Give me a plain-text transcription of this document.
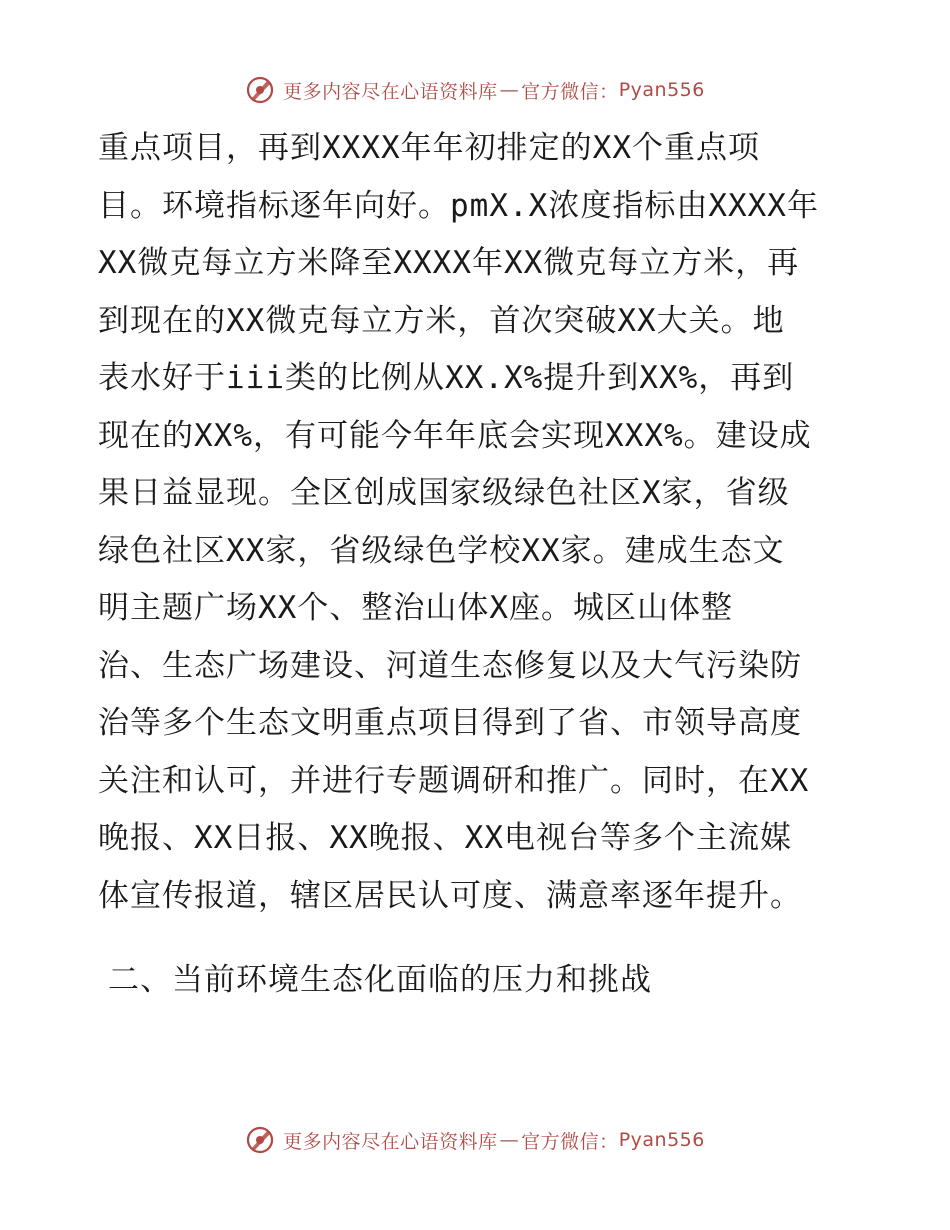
更多内容尽在心语资料库 — 官方微信： Pyan556
重点项目，再到XXXX年年初排定的XX个重点项
目。环境指标逐年向好。pmX.X浓度指标由XXXX年
XX微克每立方米降至XXXX年XX微克每立方米，再
到现在的XX微克每立方米，首次突破XX大关。地
表水好于iii类的比例从XX.X%提升到XX%，再到
现在的XX%，有可能今年年底会实现XXX%。建设成
果日益显现。全区创成国家级绿色社区X家，省级
绿色社区XX家，省级绿色学校XX家。建成生态文
明主题广场XX个、整治山体X座。城区山体整
治、生态广场建设、河道生态修复以及大气污染防
治等多个生态文明重点项目得到了省、市领导高度
关注和认可，并进行专题调研和推广。同时，在XX
晚报、XX日报、XX晚报、XX电视台等多个主流媒
体宣传报道，辖区居民认可度、满意率逐年提升。
二、当前环境生态化面临的压力和挑战
更多内容尽在心语资料库 — 官方微信： Pyan556
